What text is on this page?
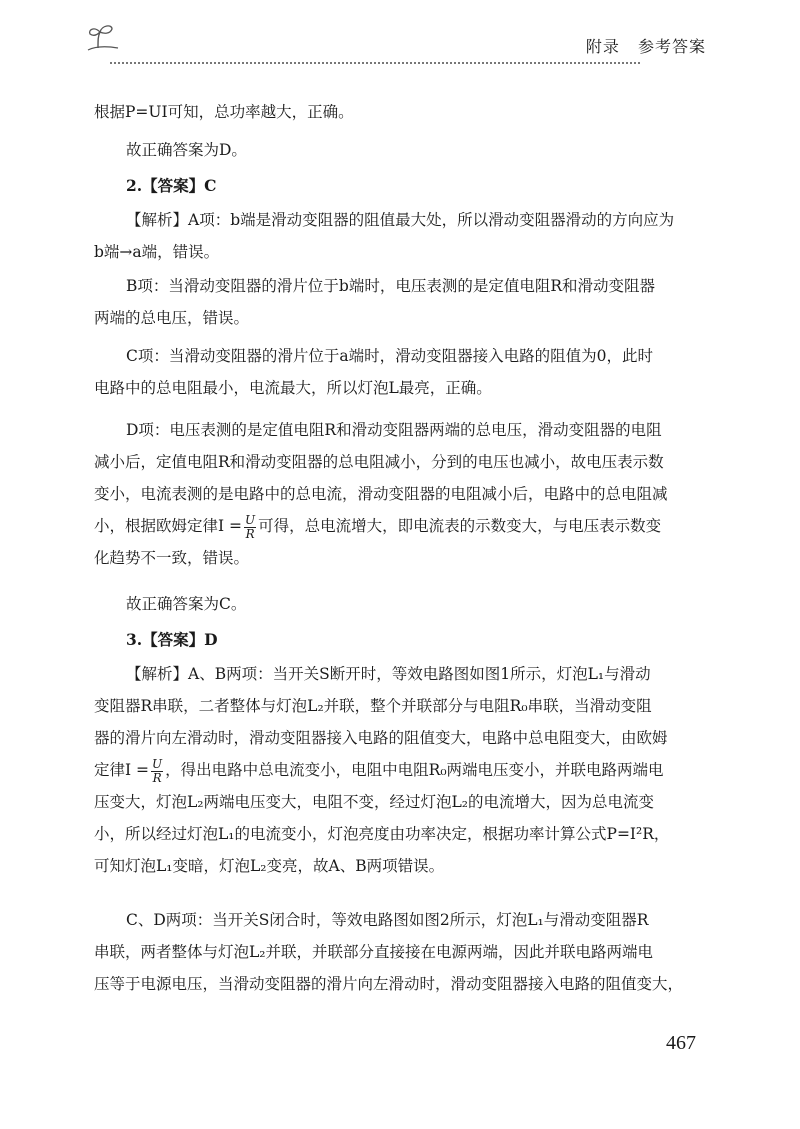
附录 参考答案
根据P=UI可知，总功率越大，正确。
故正确答案为D。
2.【答案】C
【解析】A项：b端是滑动变阻器的阻值最大处，所以滑动变阻器滑动的方向应为
b端→a端，错误。
B项：当滑动变阻器的滑片位于b端时，电压表测的是定值电阻R和滑动变阻器
两端的总电压，错误。
C项：当滑动变阻器的滑片位于a端时，滑动变阻器接入电路的阻值为0，此时
电路中的总电阻最小，电流最大，所以灯泡L最亮，正确。
D项：电压表测的是定值电阻R和滑动变阻器两端的总电压，滑动变阻器的电阻
减小后，定值电阻R和滑动变阻器的总电阻减小，分到的电压也减小，故电压表示数
变小，电流表测的是电路中的总电流，滑动变阻器的电阻减小后，电路中的总电阻减
小，根据欧姆定律$I = \frac{U}{R}$ 可得，总电流增大，即电流表的示数变大，与电压表示数变
化趋势不一致，错误。
故正确答案为C。
3.【答案】D
【解析】A、B两项：当开关S断开时，等效电路图如图1所示，灯泡L₁与滑动
变阻器R串联，二者整体与灯泡L₂并联，整个并联部分与电阻R₀串联，当滑动变阻
器的滑片向左滑动时，滑动变阻器接入电路的阻值变大，电路中总电阻变大，由欧姆
定律$I = \frac{U}{R}$ ，得出电路中总电流变小，电阻中电阻R₀两端电压变小，并联电路两端电
压变大，灯泡L₂两端电压变大，电阻不变，经过灯泡L₂的电流增大，因为总电流变
小，所以经过灯泡L₁的电流变小，灯泡亮度由功率决定，根据功率计算公式P=I²R，
可知灯泡L₁变暗，灯泡L₂变亮，故A、B两项错误。
C、D两项：当开关S闭合时，等效电路图如图2所示，灯泡L₁与滑动变阻器R
串联，两者整体与灯泡L₂并联，并联部分直接接在电源两端，因此并联电路两端电
压等于电源电压，当滑动变阻器的滑片向左滑动时，滑动变阻器接入电路的阻值变大，
467
